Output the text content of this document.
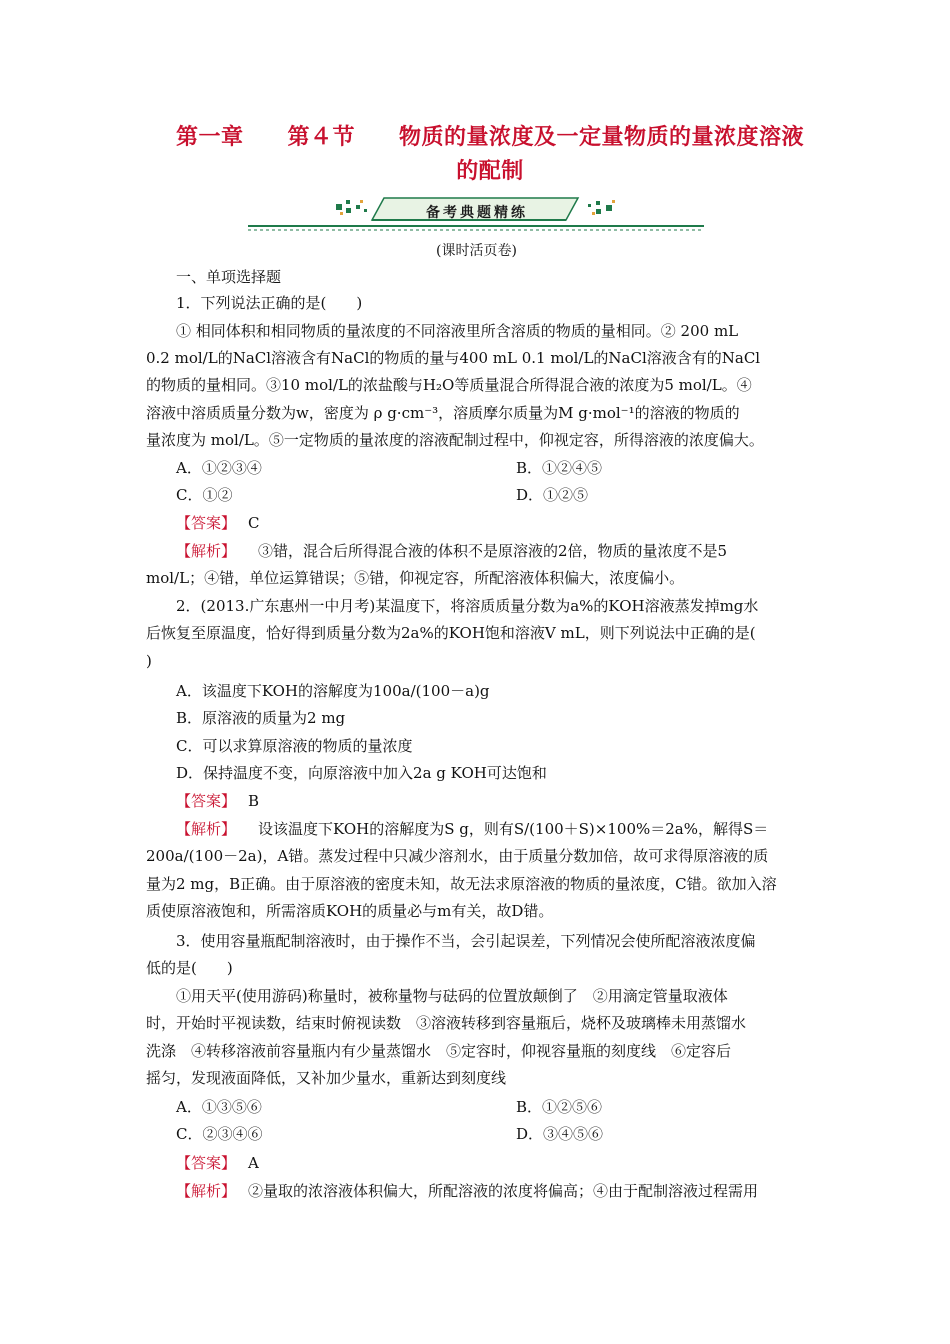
第一章 第４节 物质的量浓度及一定量物质的量浓度溶液
的配制
备考典题精练
(课时活页卷)
一、单项选择题
1．下列说法正确的是(　　)
① 相同体积和相同物质的量浓度的不同溶液里所含溶质的物质的量相同。② 200 mL
0.2 mol/L的NaCl溶液含有NaCl的物质的量与400 mL 0.1 mol/L的NaCl溶液含有的NaCl
的物质的量相同。③10 mol/L的浓盐酸与H₂O等质量混合所得混合液的浓度为5 mol/L。④
溶液中溶质质量分数为w，密度为 ρ g·cm⁻³，溶质摩尔质量为M g·mol⁻¹的溶液的物质的
量浓度为 mol/L。⑤一定物质的量浓度的溶液配制过程中，仰视定容，所得溶液的浓度偏大。
A．①②③④	B．①②④⑤
C．①②	D．①②⑤
【答案】 C
【解析】 ③错，混合后所得混合液的体积不是原溶液的2倍，物质的量浓度不是5
mol/L；④错，单位运算错误；⑤错，仰视定容，所配溶液体积偏大，浓度偏小。
2．(2013.广东惠州一中月考)某温度下，将溶质质量分数为a%的KOH溶液蒸发掉mg水
后恢复至原温度，恰好得到质量分数为2a%的KOH饱和溶液V mL，则下列说法中正确的是(
)
A．该温度下KOH的溶解度为100a/(100－a)g
B．原溶液的质量为2 mg
C．可以求算原溶液的物质的量浓度
D．保持温度不变，向原溶液中加入2a g KOH可达饱和
【答案】 B
【解析】 设该温度下KOH的溶解度为S g，则有S/(100＋S)×100%＝2a%，解得S＝
200a/(100－2a)，A错。蒸发过程中只减少溶剂水，由于质量分数加倍，故可求得原溶液的质
量为2 mg，B正确。由于原溶液的密度未知，故无法求原溶液的物质的量浓度，C错。欲加入溶
质使原溶液饱和，所需溶质KOH的质量必与m有关，故D错。
3．使用容量瓶配制溶液时，由于操作不当，会引起误差，下列情况会使所配溶液浓度偏
低的是(　　)
①用天平(使用游码)称量时，被称量物与砝码的位置放颠倒了　②用滴定管量取液体
时，开始时平视读数，结束时俯视读数　③溶液转移到容量瓶后，烧杯及玻璃棒未用蒸馏水
洗涤　④转移溶液前容量瓶内有少量蒸馏水　⑤定容时，仰视容量瓶的刻度线　⑥定容后
摇匀，发现液面降低，又补加少量水，重新达到刻度线
A．①③⑤⑥	B．①②⑤⑥
C．②③④⑥	D．③④⑤⑥
【答案】 A
【解析】 ②量取的浓溶液体积偏大，所配溶液的浓度将偏高；④由于配制溶液过程需用
